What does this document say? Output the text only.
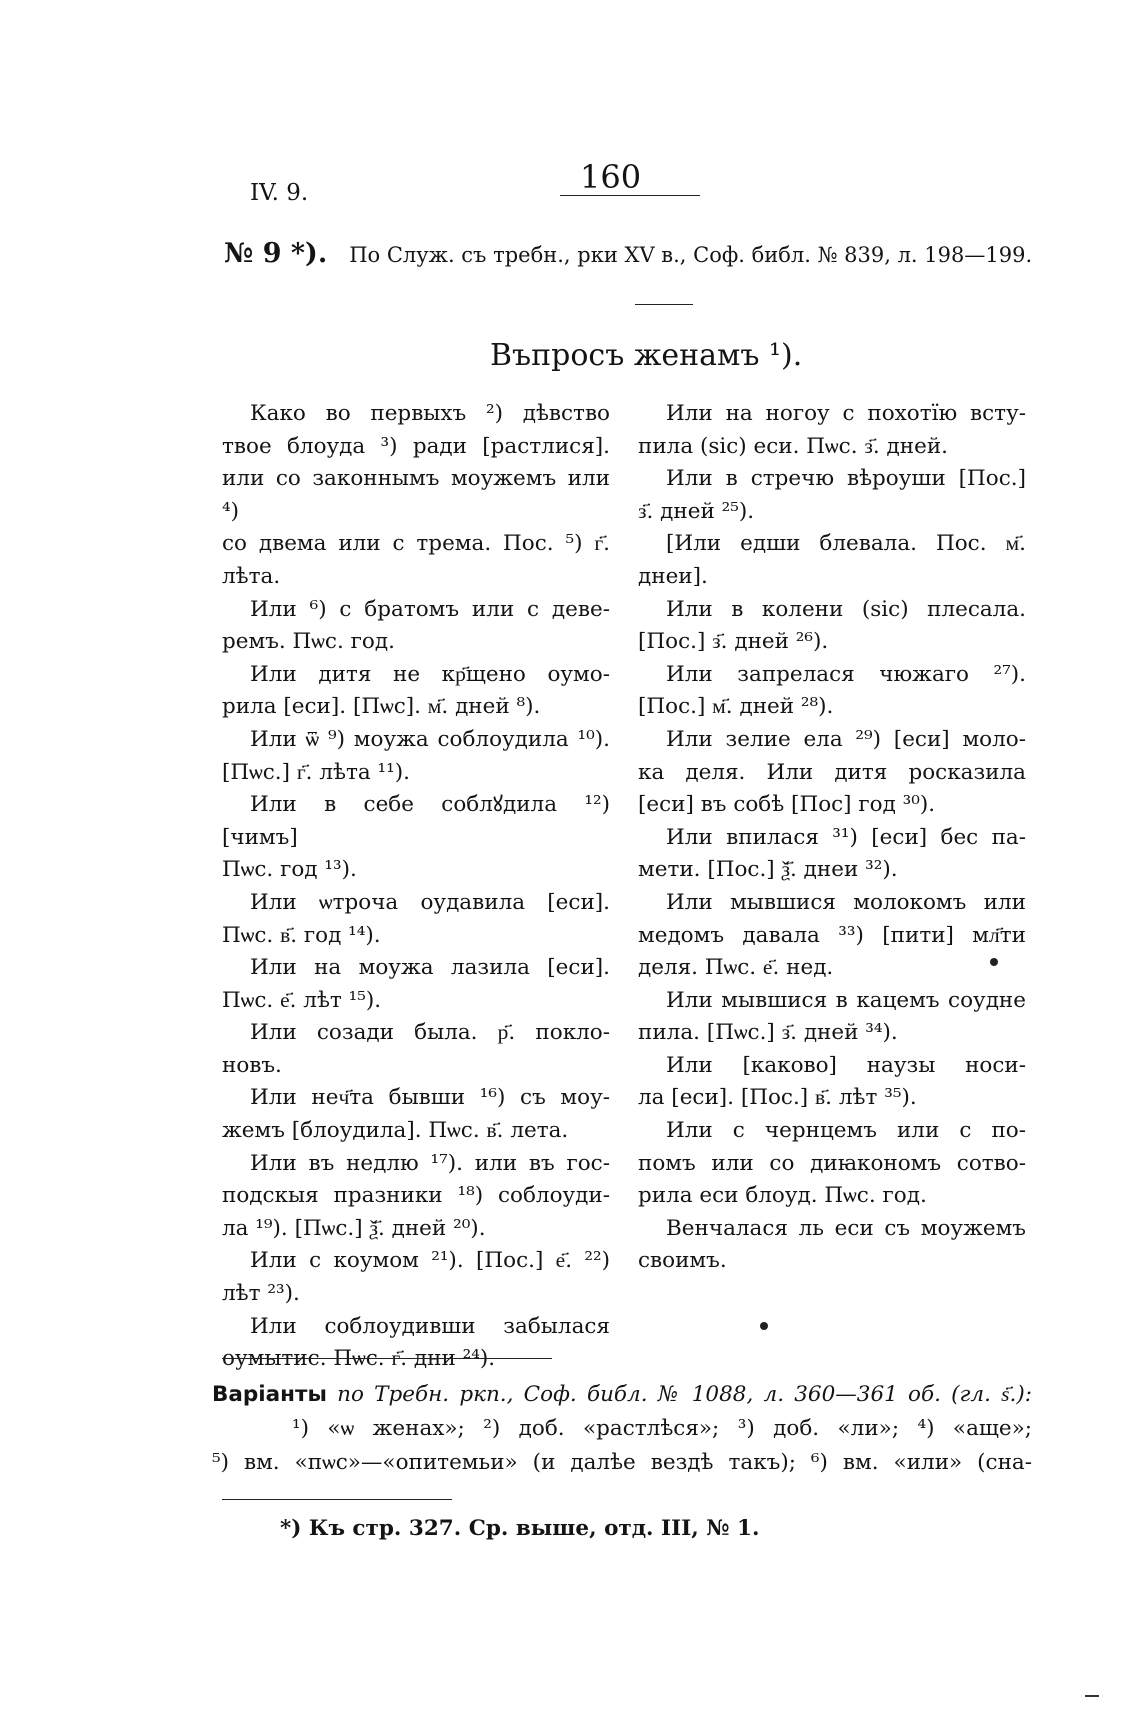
IV. 9.	160
№ 9 *). По Служ. съ требн., рки XV в., Соф. библ. № 839, л. 198—199.
Въпросъ женамъ ¹).

Како во первыхъ ²) дѣвство

твое блоуда ³) ради [растлися].

или со законнымъ моужемъ или ⁴)

со двема или с трема. Пос. ⁵) г҃.

лѣта.

Или ⁶) с братомъ или с деве-

ремъ. Пѡс. год.

Или дитя не кр҃щено оумо-

рила [еси]. [Пѡс]. м҃. дней ⁸).

Или ѿ ⁹) моужа соблоудила ¹⁰).

[Пѡс.] г҃. лѣта ¹¹).

Или в себе соблꙋдила ¹²) [чимъ]

Пѡс. год ¹³).

Или ѡтроча оудавила [еси].

Пѡс. в҃. год ¹⁴).

Или на моужа лазила [еси].

Пѡс. е҃. лѣт ¹⁵).

Или созади была. р҃. покло-

новъ.

Или неч҃та бывши ¹⁶) съ моу-

жемъ [блоудила]. Пѡс. в҃. лета.

Или въ недлю ¹⁷). или въ гос-

подскыя празники ¹⁸) соблоуди-

ла ¹⁹). [Пѡс.] ѯ҃. дней ²⁰).

Или с коумом ²¹). [Пос.] е҃. ²²)

лѣт ²³).

Или соблоудивши забылася

оумытис. Пѡс. г҃. дни ²⁴).

Или на ногоу с похотїю всту-

пила (sic) еси. Пѡс. з҃. дней.

Или в стречю вѣроуши [Пос.]

з҃. дней ²⁵).

[Или едши блевала. Пос. м҃.

днеи].

Или в колени (sic) плесала.

[Пос.] з҃. дней ²⁶).

Или запрелася чюжаго ²⁷).

[Пос.] м҃. дней ²⁸).

Или зелие ела ²⁹) [еси] моло-

ка деля. Или дитя росказила

[еси] въ собѣ [Пос] год ³⁰).

Или впилася ³¹) [еси] бес па-

мети. [Пос.] ѯ҃. днеи ³²).

Или мывшися молокомъ или

медомъ давала ³³) [пити] мл҃ти

деля. Пѡс. е҃. нед.

Или мывшися в кацемъ соудне

пила. [Пѡс.] з҃. дней ³⁴).

Или [каково] наузы носи-

ла [еси]. [Пос.] в҃. лѣт ³⁵).

Или с чернцемъ или с по-

помъ или со диꙗкономъ сотво-

рила еси блоуд. Пѡс. год.

Венчалася ль еси съ моужемъ

своимъ.

Варіанты по Требн. ркп., Соф. библ. № 1088, л. 360—361 об. (гл. ѕ҃.):

¹) «ѡ женах»; ²) доб. «растлѣся»; ³) доб. «ли»; ⁴) «аще»;

⁵) вм. «пѡс»—«опитемьи» (и далѣе вездѣ такъ); ⁶) вм. «или» (сна-

*) Къ стр. 327. Ср. выше, отд. III, № 1.
